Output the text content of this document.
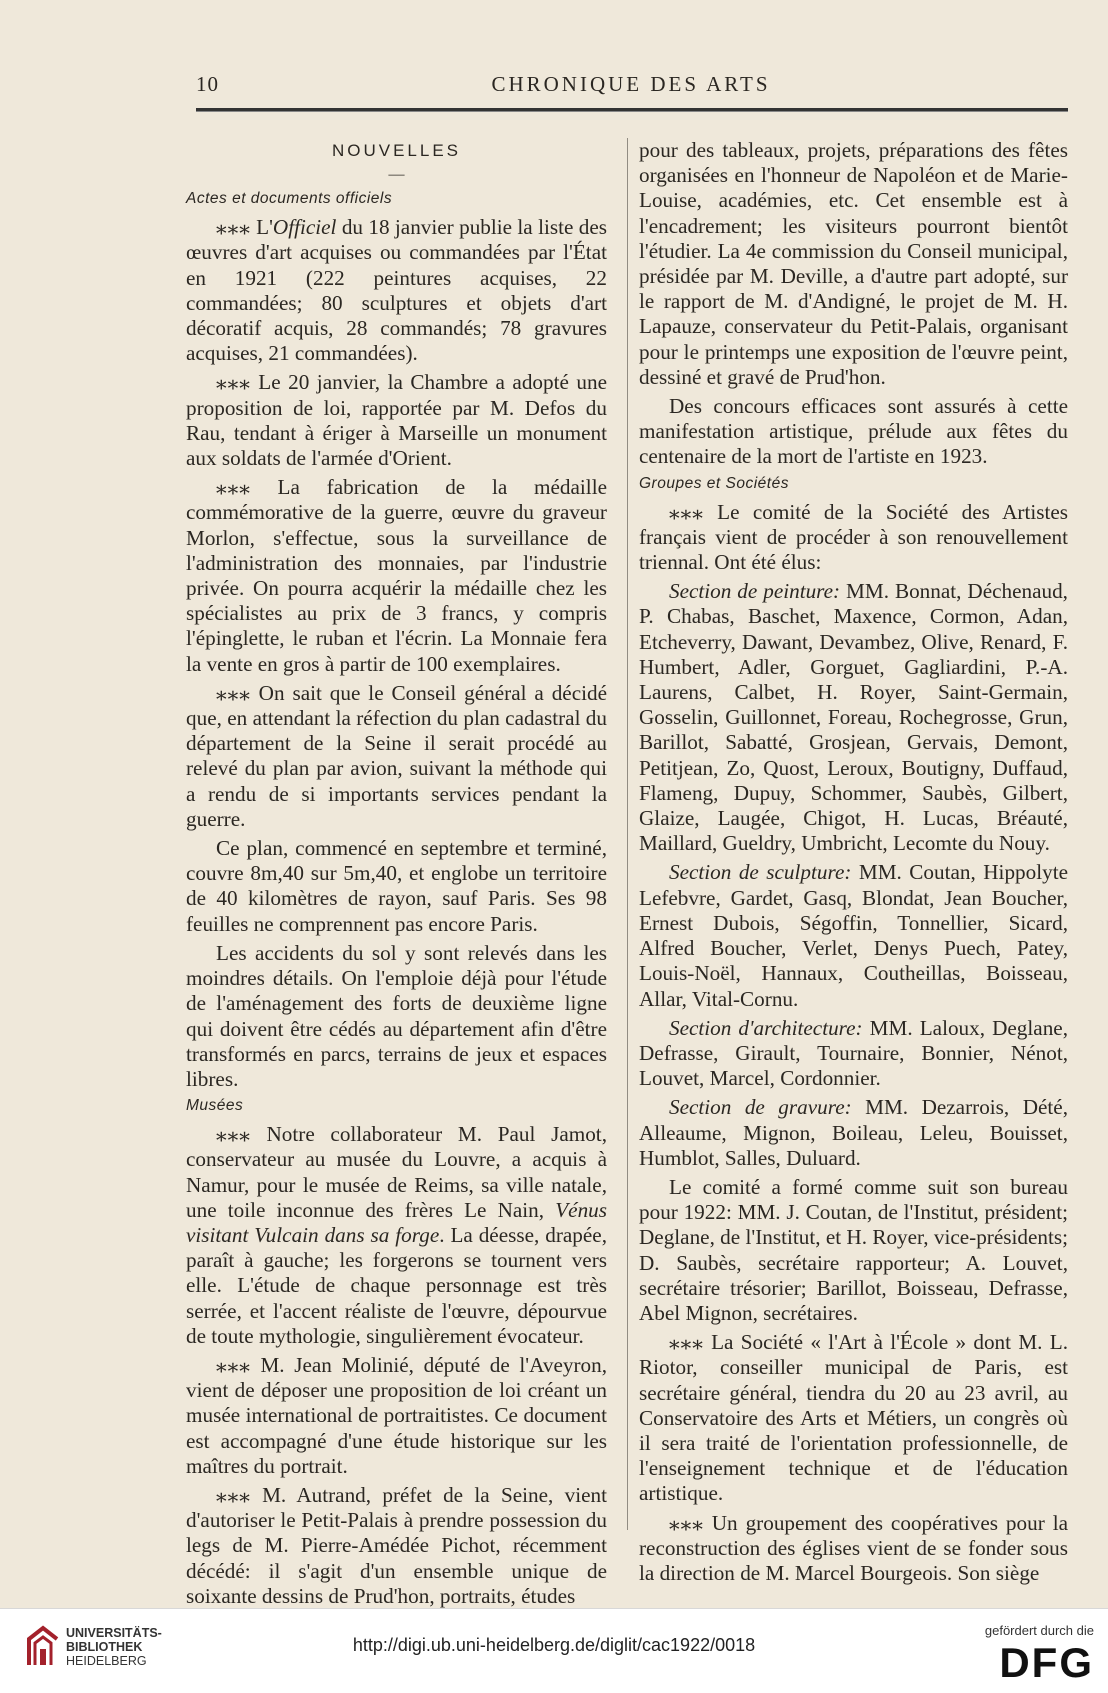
10	CHRONIQUE DES ARTS
NOUVELLES
—
Actes et documents officiels

⁎⁎⁎ L'Officiel du 18 janvier publie la liste des œuvres d'art acquises ou commandées par l'État en 1921 (222 peintures acquises, 22 commandées; 80 sculptures et objets d'art décoratif acquis, 28 commandés; 78 gravures acquises, 21 commandées).

⁎⁎⁎ Le 20 janvier, la Chambre a adopté une proposition de loi, rapportée par M. Defos du Rau, tendant à ériger à Marseille un monument aux soldats de l'armée d'Orient.

⁎⁎⁎ La fabrication de la médaille commémorative de la guerre, œuvre du graveur Morlon, s'effectue, sous la surveillance de l'administration des monnaies, par l'industrie privée. On pourra acquérir la médaille chez les spécialistes au prix de 3 francs, y compris l'épinglette, le ruban et l'écrin. La Monnaie fera la vente en gros à partir de 100 exemplaires.

⁎⁎⁎ On sait que le Conseil général a décidé que, en attendant la réfection du plan cadastral du département de la Seine il serait procédé au relevé du plan par avion, suivant la méthode qui a rendu de si importants services pendant la guerre.

Ce plan, commencé en septembre et terminé, couvre 8m,40 sur 5m,40, et englobe un territoire de 40 kilomètres de rayon, sauf Paris. Ses 98 feuilles ne comprennent pas encore Paris.

Les accidents du sol y sont relevés dans les moindres détails. On l'emploie déjà pour l'étude de l'aménagement des forts de deuxième ligne qui doivent être cédés au département afin d'être transformés en parcs, terrains de jeux et espaces libres.

Musées

⁎⁎⁎ Notre collaborateur M. Paul Jamot, conservateur au musée du Louvre, a acquis à Namur, pour le musée de Reims, sa ville natale, une toile inconnue des frères Le Nain, Vénus visitant Vulcain dans sa forge. La déesse, drapée, paraît à gauche; les forgerons se tournent vers elle. L'étude de chaque personnage est très serrée, et l'accent réaliste de l'œuvre, dépourvue de toute mythologie, singulièrement évocateur.

⁎⁎⁎ M. Jean Molinié, député de l'Aveyron, vient de déposer une proposition de loi créant un musée international de portraitistes. Ce document est accompagné d'une étude historique sur les maîtres du portrait.

⁎⁎⁎ M. Autrand, préfet de la Seine, vient d'autoriser le Petit-Palais à prendre possession du legs de M. Pierre-Amédée Pichot, récemment décédé: il s'agit d'un ensemble unique de soixante dessins de Prud'hon, portraits, études

pour des tableaux, projets, préparations des fêtes organisées en l'honneur de Napoléon et de Marie-Louise, académies, etc. Cet ensemble est à l'encadrement; les visiteurs pourront bientôt l'étudier. La 4e commission du Conseil municipal, présidée par M. Deville, a d'autre part adopté, sur le rapport de M. d'Andigné, le projet de M. H. Lapauze, conservateur du Petit-Palais, organisant pour le printemps une exposition de l'œuvre peint, dessiné et gravé de Prud'hon.

Des concours efficaces sont assurés à cette manifestation artistique, prélude aux fêtes du centenaire de la mort de l'artiste en 1923.

Groupes et Sociétés

⁎⁎⁎ Le comité de la Société des Artistes français vient de procéder à son renouvellement triennal. Ont été élus:

Section de peinture: MM. Bonnat, Déchenaud, P. Chabas, Baschet, Maxence, Cormon, Adan, Etcheverry, Dawant, Devambez, Olive, Renard, F. Humbert, Adler, Gorguet, Gagliardini, P.-A. Laurens, Calbet, H. Royer, Saint-Germain, Gosselin, Guillonnet, Foreau, Rochegrosse, Grun, Barillot, Sabatté, Grosjean, Gervais, Demont, Petitjean, Zo, Quost, Leroux, Boutigny, Duffaud, Flameng, Dupuy, Schommer, Saubès, Gilbert, Glaize, Laugée, Chigot, H. Lucas, Bréauté, Maillard, Gueldry, Umbricht, Lecomte du Nouy.

Section de sculpture: MM. Coutan, Hippolyte Lefebvre, Gardet, Gasq, Blondat, Jean Boucher, Ernest Dubois, Ségoffin, Tonnellier, Sicard, Alfred Boucher, Verlet, Denys Puech, Patey, Louis-Noël, Hannaux, Coutheillas, Boisseau, Allar, Vital-Cornu.

Section d'architecture: MM. Laloux, Deglane, Defrasse, Girault, Tournaire, Bonnier, Nénot, Louvet, Marcel, Cordonnier.

Section de gravure: MM. Dezarrois, Dété, Alleaume, Mignon, Boileau, Leleu, Bouisset, Humblot, Salles, Duluard.

Le comité a formé comme suit son bureau pour 1922: MM. J. Coutan, de l'Institut, président; Deglane, de l'Institut, et H. Royer, vice-présidents; D. Saubès, secrétaire rapporteur; A. Louvet, secrétaire trésorier; Barillot, Boisseau, Defrasse, Abel Mignon, secrétaires.

⁎⁎⁎ La Société « l'Art à l'École » dont M. L. Riotor, conseiller municipal de Paris, est secrétaire général, tiendra du 20 au 23 avril, au Conservatoire des Arts et Métiers, un congrès où il sera traité de l'orientation professionnelle, de l'enseignement technique et de l'éducation artistique.

⁎⁎⁎ Un groupement des coopératives pour la reconstruction des églises vient de se fonder sous la direction de M. Marcel Bourgeois. Son siège

UNIVERSITÄTS-
BIBLIOTHEK
HEIDELBERG
http://digi.ub.uni-heidelberg.de/diglit/cac1922/0018
gefördert durch die
DFG
